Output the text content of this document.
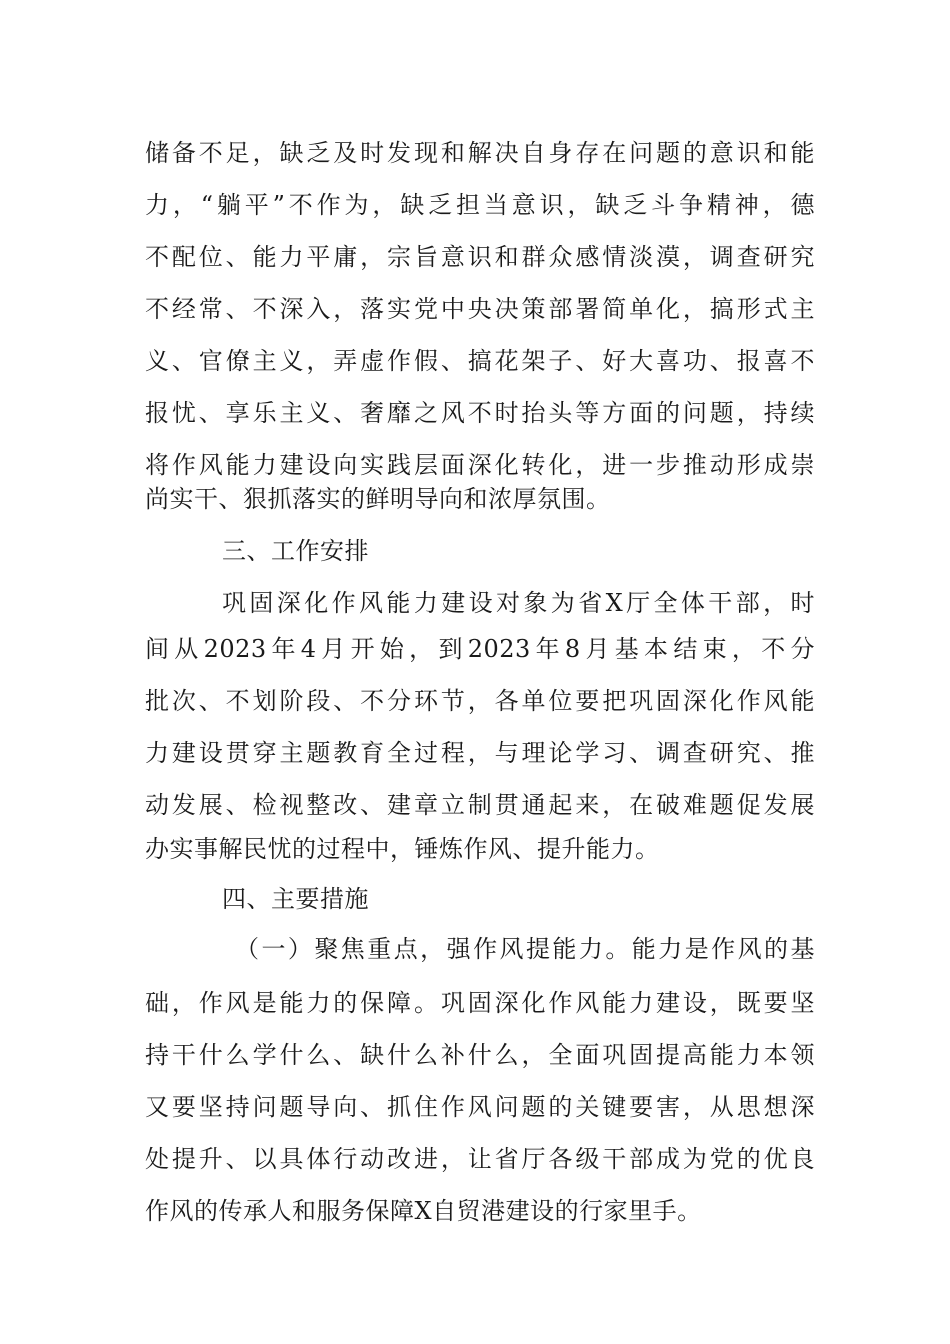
储备不足，缺乏及时发现和解决自身存在问题的意识和能
力，“躺平”不作为，缺乏担当意识，缺乏斗争精神，德
不配位、能力平庸，宗旨意识和群众感情淡漠，调查研究
不经常、不深入，落实党中央决策部署简单化，搞形式主
义、官僚主义，弄虚作假、搞花架子、好大喜功、报喜不
报忧、享乐主义、奢靡之风不时抬头等方面的问题，持续
将作风能力建设向实践层面深化转化，进一步推动形成崇
尚实干、狠抓落实的鲜明导向和浓厚氛围。
三、工作安排
巩固深化作风能力建设对象为省X厅全体干部，时
间从2023年4月开始，到2023年8月基本结束，不分
批次、不划阶段、不分环节，各单位要把巩固深化作风能
力建设贯穿主题教育全过程，与理论学习、调查研究、推
动发展、检视整改、建章立制贯通起来，在破难题促发展
办实事解民忧的过程中，锤炼作风、提升能力。
四、主要措施
（一）聚焦重点，强作风提能力。能力是作风的基
础，作风是能力的保障。巩固深化作风能力建设，既要坚
持干什么学什么、缺什么补什么，全面巩固提高能力本领
又要坚持问题导向、抓住作风问题的关键要害，从思想深
处提升、以具体行动改进，让省厅各级干部成为党的优良
作风的传承人和服务保障X自贸港建设的行家里手。
